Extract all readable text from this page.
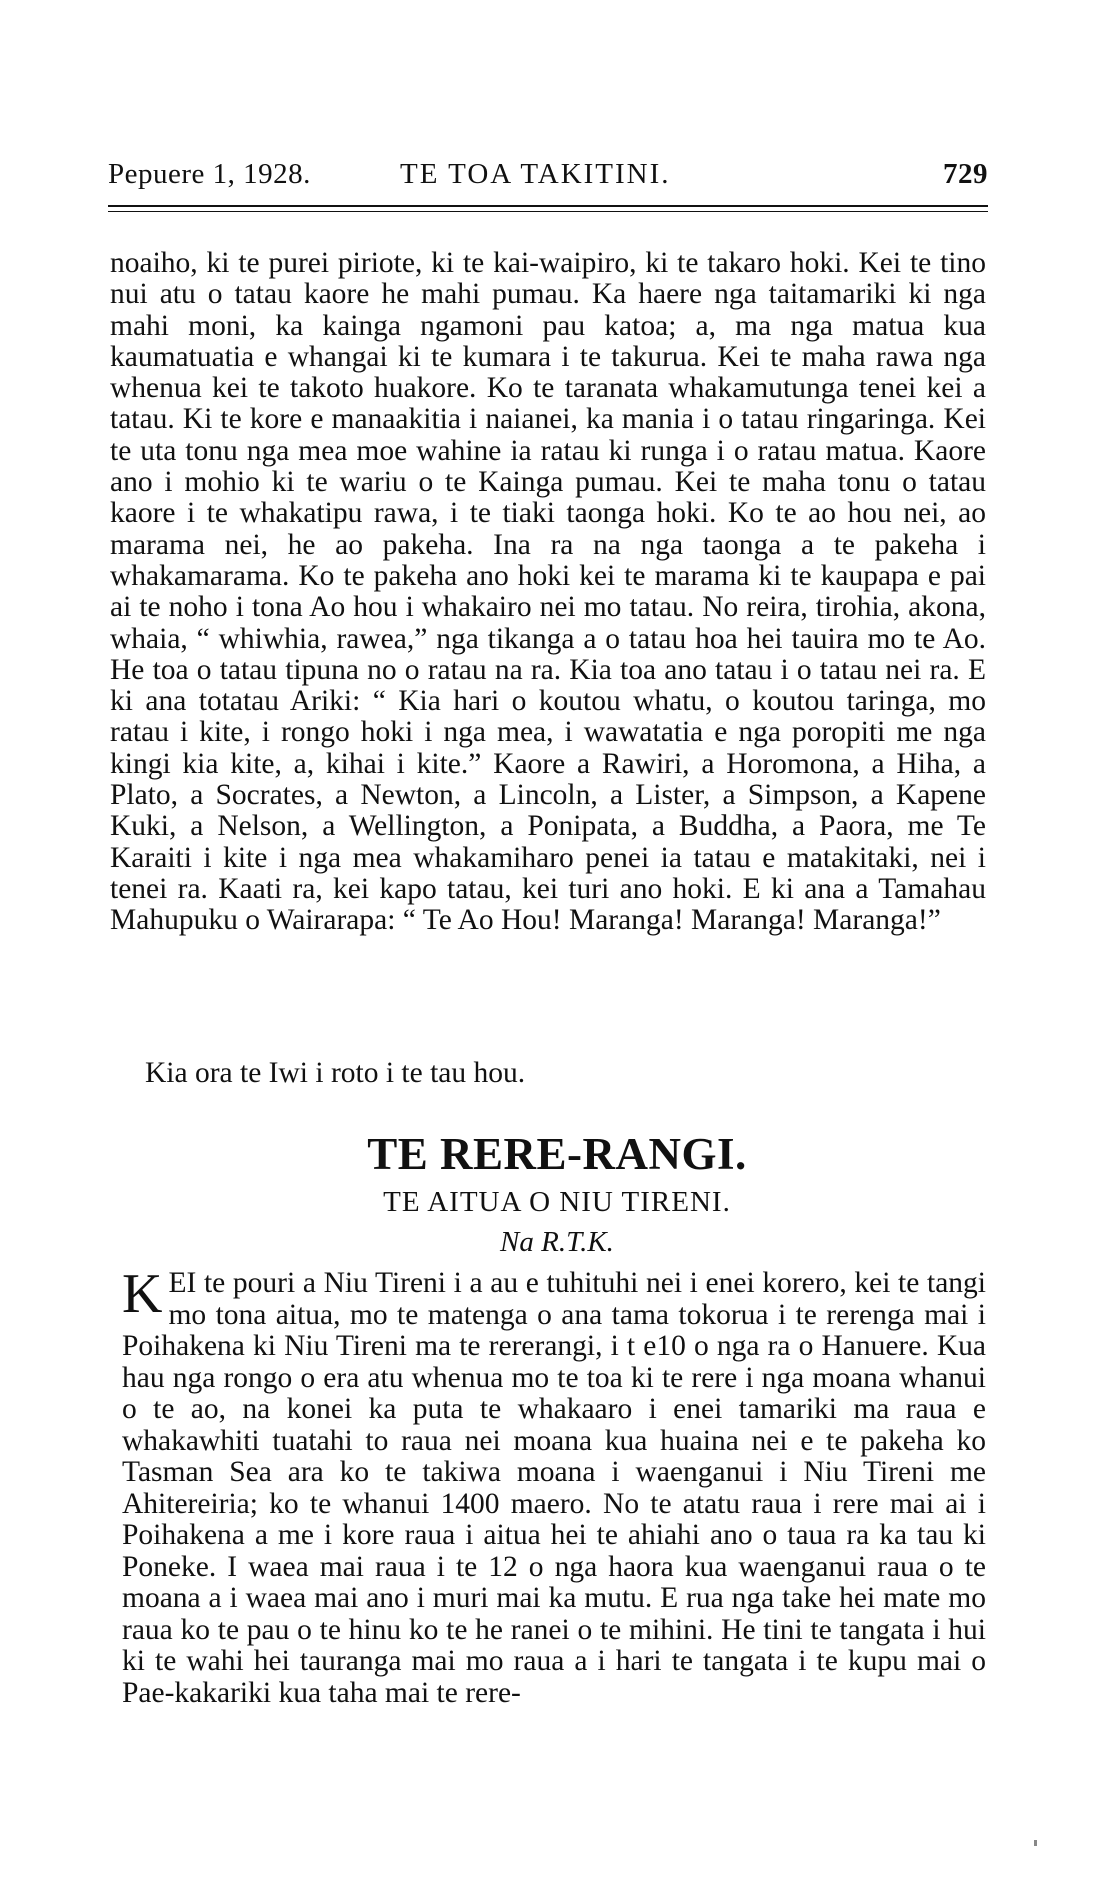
Pepuere 1, 1928.	TE TOA TAKITINI.	729

noaiho, ki te purei piriote, ki te kai-waipiro, ki te takaro hoki. Kei te tino nui atu o tatau kaore he mahi pumau. Ka haere nga taitamariki ki nga mahi moni, ka kainga ngamoni pau katoa; a, ma nga matua kua kaumatuatia e whangai ki te kumara i te takurua. Kei te maha rawa nga whenua kei te takoto huakore. Ko te taranata whakamutunga tenei kei a tatau. Ki te kore e manaakitia i naianei, ka mania i o tatau ringaringa. Kei te uta tonu nga mea moe wahine ia ratau ki runga i o ratau matua. Kaore ano i mohio ki te wariu o te Kainga pumau. Kei te maha tonu o tatau kaore i te whakatipu rawa, i te tiaki taonga hoki. Ko te ao hou nei, ao marama nei, he ao pakeha. Ina ra na nga taonga a te pakeha i whakamarama. Ko te pakeha ano hoki kei te marama ki te kaupapa e pai ai te noho i tona Ao hou i whakairo nei mo tatau. No reira, tirohia, akona, whaia, “ whiwhia, rawea,” nga tikanga a o tatau hoa hei tauira mo te Ao. He toa o tatau tipuna no o ratau na ra. Kia toa ano tatau i o tatau nei ra. E ki ana totatau Ariki: “ Kia hari o koutou whatu, o koutou taringa, mo ratau i kite, i rongo hoki i nga mea, i wawatatia e nga poropiti me nga kingi kia kite, a, kihai i kite.” Kaore a Rawiri, a Horomona, a Hiha, a Plato, a Socrates, a Newton, a Lincoln, a Lister, a Simpson, a Kapene Kuki, a Nelson, a Wellington, a Ponipata, a Buddha, a Paora, me Te Karaiti i kite i nga mea whakamiharo penei ia tatau e matakitaki, nei i tenei ra. Kaati ra, kei kapo tatau, kei turi ano hoki. E ki ana a Tamahau Mahupuku o Wairarapa: “ Te Ao Hou! Maranga! Maranga! Maranga!”

Kia ora te Iwi i roto i te tau hou.
TE RERE-RANGI.
TE AITUA O NIU TIRENI.
Na R.T.K.
K EI te pouri a Niu Tireni i a au e tuhituhi nei i enei korero, kei te tangi mo tona aitua, mo te matenga o ana tama tokorua i te rerenga mai i Poihakena ki Niu Tireni ma te rererangi, i t e10 o nga ra o Hanuere. Kua hau nga rongo o era atu whenua mo te toa ki te rere i nga moana whanui o te ao, na konei ka puta te whakaaro i enei tamariki ma raua e whakawhiti tuatahi to raua nei moana kua huaina nei e te pakeha ko Tasman Sea ara ko te takiwa moana i waenganui i Niu Tireni me Ahitereiria; ko te whanui 1400 maero. No te atatu raua i rere mai ai i Poihakena a me i kore raua i aitua hei te ahiahi ano o taua ra ka tau ki Poneke. I waea mai raua i te 12 o nga haora kua waenganui raua o te moana a i waea mai ano i muri mai ka mutu. E rua nga take hei mate mo raua ko te pau o te hinu ko te he ranei o te mihini. He tini te tangata i hui ki te wahi hei tauranga mai mo raua a i hari te tangata i te kupu mai o Pae-kakariki kua taha mai te rere-
